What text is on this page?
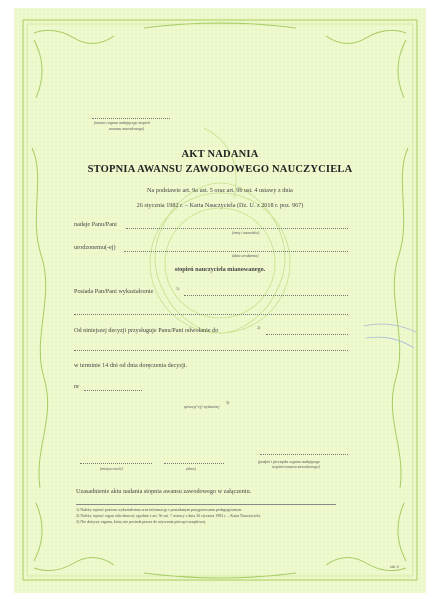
(nazwa organu nadającego stopień
awansu zawodowego)
AKT NADANIA
STOPNIA AWANSU ZAWODOWEGO NAUCZYCIELA
Na podstawie art. 9a ust. 5 oraz art. 9b ust. 4 ustawy z dnia
26 stycznia 1982 r. – Karta Nauczyciela (Dz. U. z 2018 r. poz. 967)
nadaje Panu/Pani
(imię i nazwisko)
urodzonemu(-ej)
(data urodzenia)
stopień nauczyciela mianowanego.
Posiada Pan/Pani wykształcenie	1)
Od niniejszej decyzji przysługuje Panu/Pani odwołanie do	2)
w terminie 14 dni od dnia doręczenia decyzji.
nr
sprawy(-ej) wydawnej
3)
(miejscowość)	(data)
(podpis i pieczątka organu nadającego
stopień awansu zawodowego)
Uzasadnienie aktu nadania stopnia awansu zawodowego w załączeniu.
1) Należy wpisać poziom wykształcenia oraz informację o posiadanym przygotowaniu pedagogicznym.
2) Należy wpisać organ odwoławczy zgodnie z art. 9e ust. 7 ustawy z dnia 26 stycznia 1982 r. – Karta Nauczyciela.
3) Nie dotyczy organu, który nie posiada prawa do używania pieczęci urzędowej.
zał. 4
